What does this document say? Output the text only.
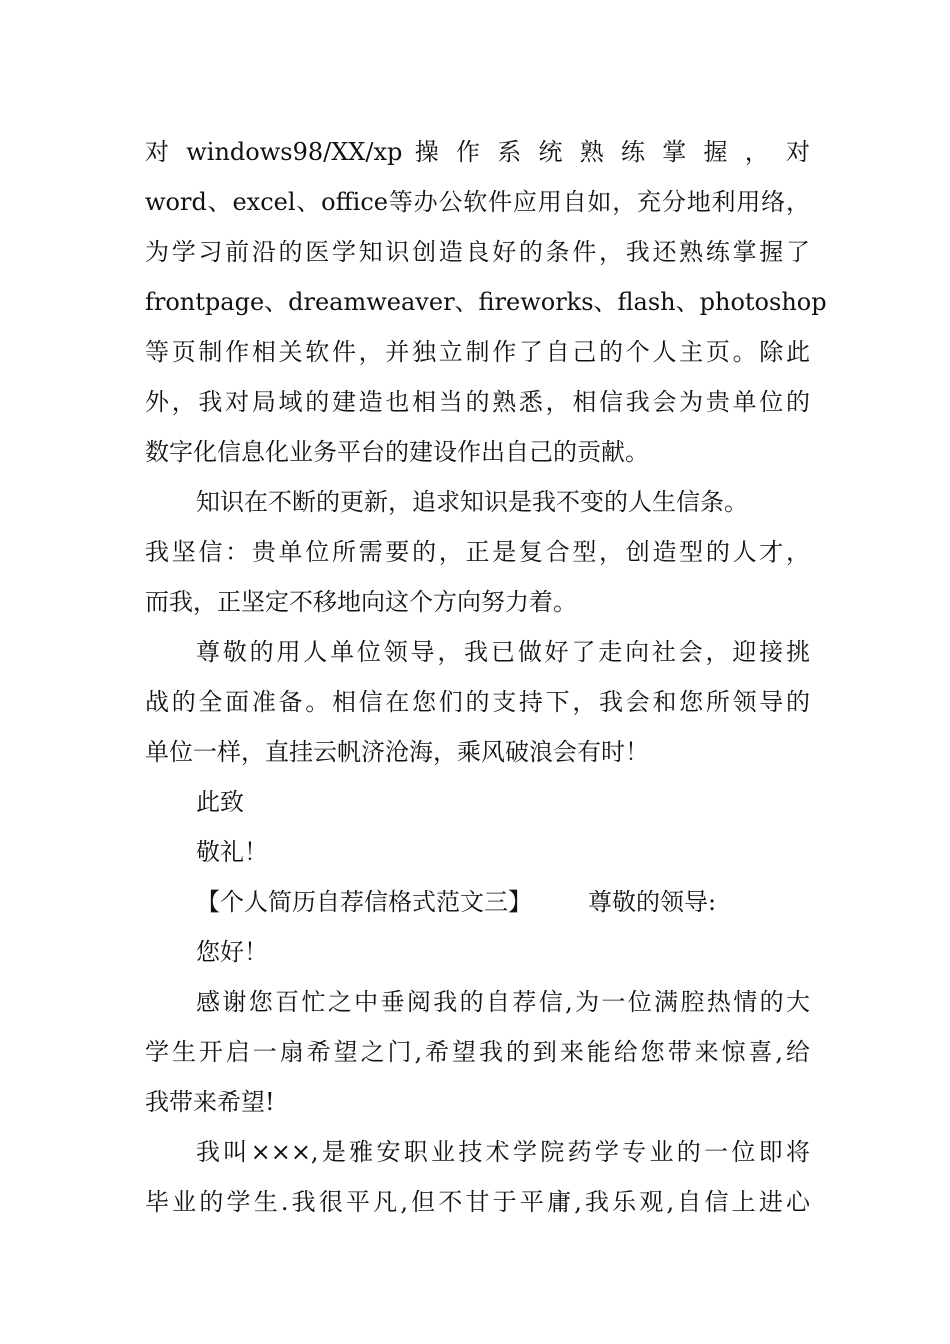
对 windows98/XX/xp 操 作 系 统 熟 练 掌 握 ， 对
word、excel、office等办公软件应用自如，充分地利用络，
为学习前沿的医学知识创造良好的条件，我还熟练掌握了
frontpage、dreamweaver、fireworks、flash、photoshop
等页制作相关软件，并独立制作了自己的个人主页。除此
外，我对局域的建造也相当的熟悉，相信我会为贵单位的
数字化信息化业务平台的建设作出自己的贡献。
知识在不断的更新，追求知识是我不变的人生信条。
我坚信：贵单位所需要的，正是复合型，创造型的人才，
而我，正坚定不移地向这个方向努力着。
尊敬的用人单位领导，我已做好了走向社会，迎接挑
战的全面准备。相信在您们的支持下，我会和您所领导的
单位一样，直挂云帆济沧海，乘风破浪会有时！
此致
敬礼！
【个人简历自荐信格式范文三】 尊敬的领导:
您好！
感谢您百忙之中垂阅我的自荐信,为一位满腔热情的大
学生开启一扇希望之门,希望我的到来能给您带来惊喜,给
我带来希望!
我叫×××,是雅安职业技术学院药学专业的一位即将
毕业的学生.我很平凡,但不甘于平庸,我乐观,自信上进心
